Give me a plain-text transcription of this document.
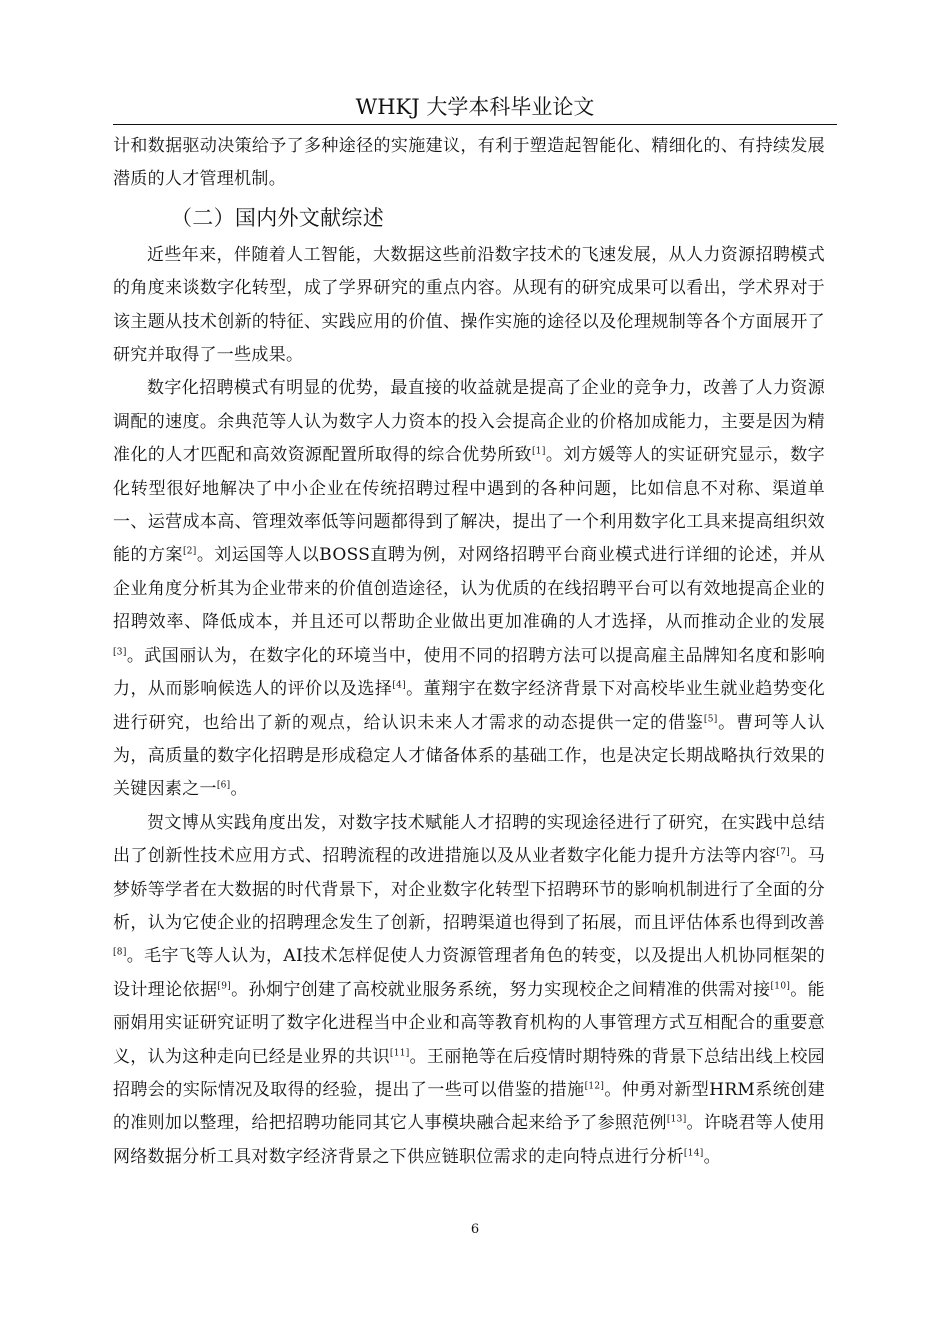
WHKJ 大学本科毕业论文

计和数据驱动决策给予了多种途径的实施建议，有利于塑造起智能化、精细化的、有持续发展潜质的人才管理机制。

（二）国内外文献综述

近些年来，伴随着人工智能，大数据这些前沿数字技术的飞速发展，从人力资源招聘模式的角度来谈数字化转型，成了学界研究的重点内容。从现有的研究成果可以看出，学术界对于该主题从技术创新的特征、实践应用的价值、操作实施的途径以及伦理规制等各个方面展开了研究并取得了一些成果。

数字化招聘模式有明显的优势，最直接的收益就是提高了企业的竞争力，改善了人力资源调配的速度。余典范等人认为数字人力资本的投入会提高企业的价格加成能力，主要是因为精准化的人才匹配和高效资源配置所取得的综合优势所致[1]。刘方媛等人的实证研究显示，数字化转型很好地解决了中小企业在传统招聘过程中遇到的各种问题，比如信息不对称、渠道单一、运营成本高、管理效率低等问题都得到了解决，提出了一个利用数字化工具来提高组织效能的方案[2]。刘运国等人以BOSS直聘为例，对网络招聘平台商业模式进行详细的论述，并从企业角度分析其为企业带来的价值创造途径，认为优质的在线招聘平台可以有效地提高企业的招聘效率、降低成本，并且还可以帮助企业做出更加准确的人才选择，从而推动企业的发展[3]。武国丽认为，在数字化的环境当中，使用不同的招聘方法可以提高雇主品牌知名度和影响力，从而影响候选人的评价以及选择[4]。董翔宇在数字经济背景下对高校毕业生就业趋势变化进行研究，也给出了新的观点，给认识未来人才需求的动态提供一定的借鉴[5]。曹珂等人认为，高质量的数字化招聘是形成稳定人才储备体系的基础工作，也是决定长期战略执行效果的关键因素之一[6]。

贺文博从实践角度出发，对数字技术赋能人才招聘的实现途径进行了研究，在实践中总结出了创新性技术应用方式、招聘流程的改进措施以及从业者数字化能力提升方法等内容[7]。马梦娇等学者在大数据的时代背景下，对企业数字化转型下招聘环节的影响机制进行了全面的分析，认为它使企业的招聘理念发生了创新，招聘渠道也得到了拓展，而且评估体系也得到改善[8]。毛宇飞等人认为，AI技术怎样促使人力资源管理者角色的转变，以及提出人机协同框架的设计理论依据[9]。孙炯宁创建了高校就业服务系统，努力实现校企之间精准的供需对接[10]。能丽娟用实证研究证明了数字化进程当中企业和高等教育机构的人事管理方式互相配合的重要意义，认为这种走向已经是业界的共识[11]。王丽艳等在后疫情时期特殊的背景下总结出线上校园招聘会的实际情况及取得的经验，提出了一些可以借鉴的措施[12]。仲勇对新型HRM系统创建的准则加以整理，给把招聘功能同其它人事模块融合起来给予了参照范例[13]。许晓君等人使用网络数据分析工具对数字经济背景之下供应链职位需求的走向特点进行分析[14]。

6
